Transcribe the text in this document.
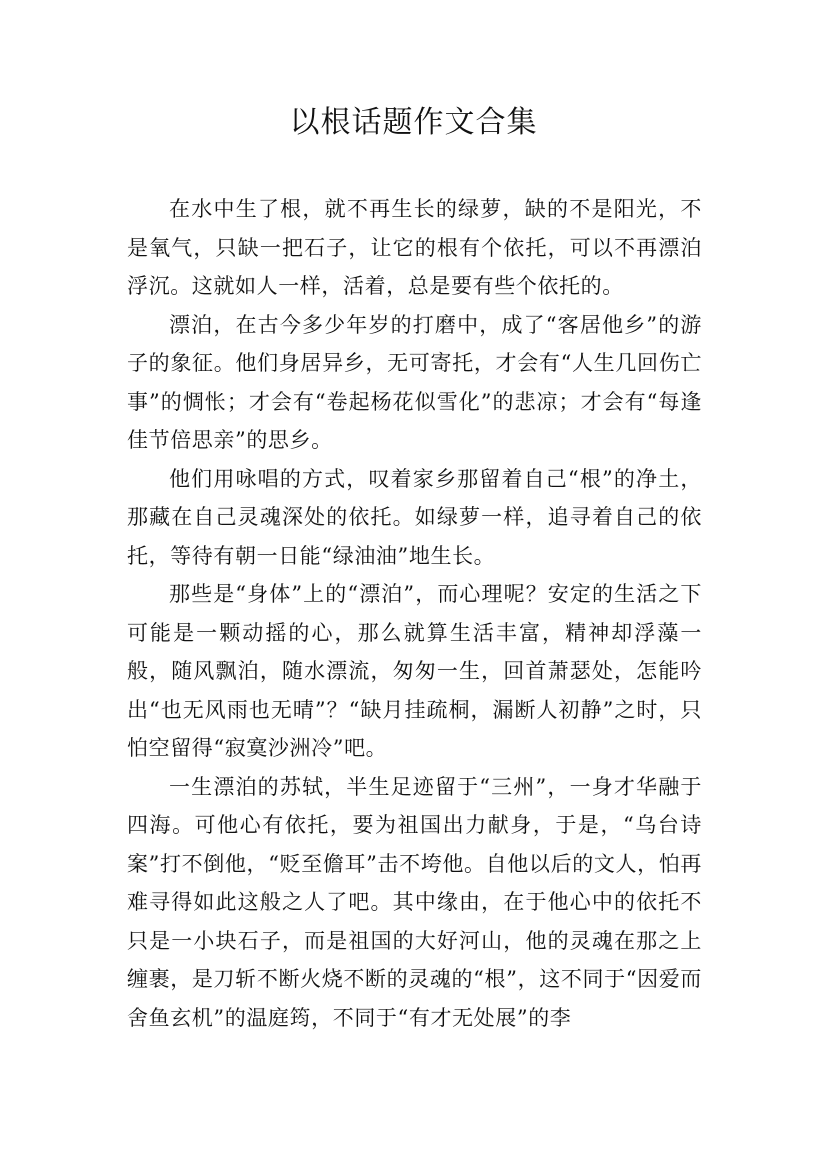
以根话题作文合集

在水中生了根，就不再生长的绿萝，缺的不是阳光，不是氧气，只缺一把石子，让它的根有个依托，可以不再漂泊浮沉。这就如人一样，活着，总是要有些个依托的。

漂泊，在古今多少年岁的打磨中，成了“客居他乡”的游子的象征。他们身居异乡，无可寄托，才会有“人生几回伤亡事”的惆怅；才会有“卷起杨花似雪化”的悲凉；才会有“每逢佳节倍思亲”的思乡。

他们用咏唱的方式，叹着家乡那留着自己“根”的净土，那藏在自己灵魂深处的依托。如绿萝一样，追寻着自己的依托，等待有朝一日能“绿油油”地生长。

那些是“身体”上的“漂泊”，而心理呢？安定的生活之下可能是一颗动摇的心，那么就算生活丰富，精神却浮藻一般，随风飘泊，随水漂流，匆匆一生，回首萧瑟处，怎能吟出“也无风雨也无晴”？“缺月挂疏桐，漏断人初静”之时，只怕空留得“寂寞沙洲冷”吧。

一生漂泊的苏轼，半生足迹留于“三州”，一身才华融于四海。可他心有依托，要为祖国出力献身，于是，“乌台诗案”打不倒他，“贬至儋耳”击不垮他。自他以后的文人，怕再难寻得如此这般之人了吧。其中缘由，在于他心中的依托不只是一小块石子，而是祖国的大好河山，他的灵魂在那之上缠裹，是刀斩不断火烧不断的灵魂的“根”，这不同于“因爱而舍鱼玄机”的温庭筠，不同于“有才无处展”的李
